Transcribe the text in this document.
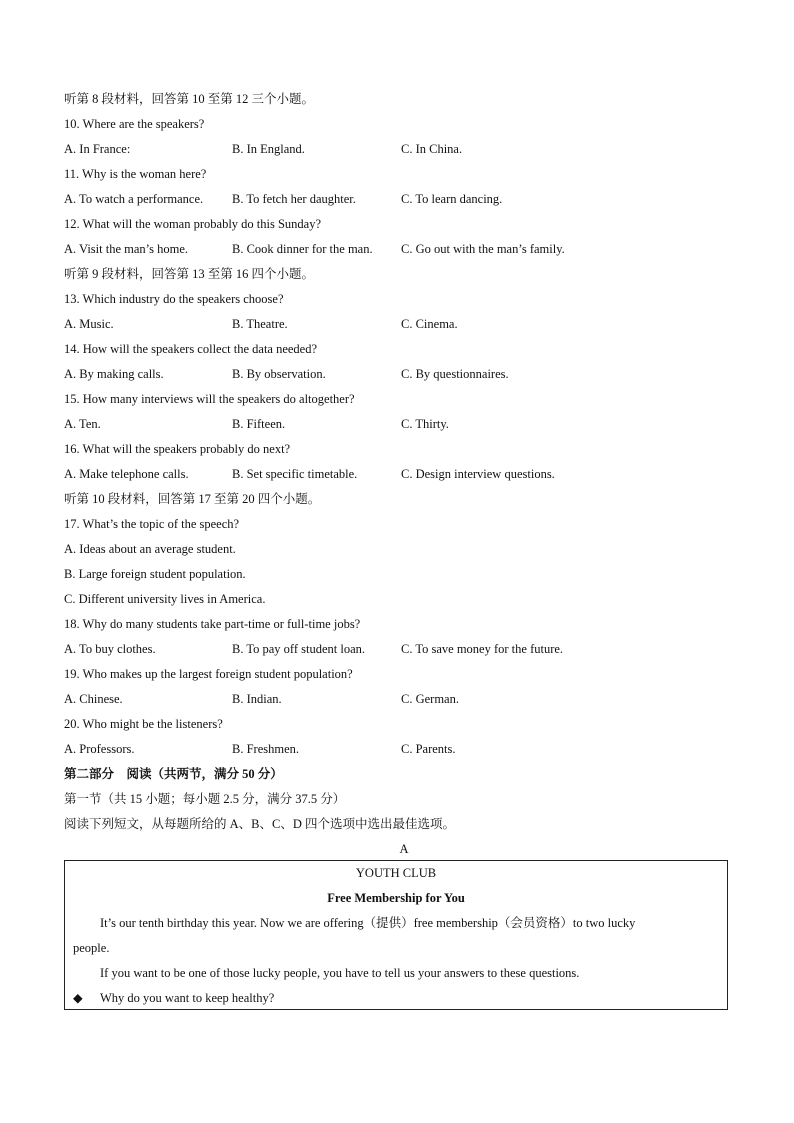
听第 8 段材料，回答第 10 至第 12 三个小题。
10. Where are the speakers?
A. In France:	B. In England.	C. In China.
11. Why is the woman here?
A. To watch a performance.	B. To fetch her daughter.	C. To learn dancing.
12. What will the woman probably do this Sunday?
A. Visit the man’s home.	B. Cook dinner for the man.	C. Go out with the man’s family.
听第 9 段材料，回答第 13 至第 16 四个小题。
13. Which industry do the speakers choose?
A. Music.	B. Theatre.	C. Cinema.
14. How will the speakers collect the data needed?
A. By making calls.	B. By observation.	C. By questionnaires.
15. How many interviews will the speakers do altogether?
A. Ten.	B. Fifteen.	C. Thirty.
16. What will the speakers probably do next?
A. Make telephone calls.	B. Set specific timetable.	C. Design interview questions.
听第 10 段材料，回答第 17 至第 20 四个小题。
17. What’s the topic of the speech?
A. Ideas about an average student.
B. Large foreign student population.
C. Different university lives in America.
18. Why do many students take part-time or full-time jobs?
A. To buy clothes.	B. To pay off student loan.	C. To save money for the future.
19. Who makes up the largest foreign student population?
A. Chinese.	B. Indian.	C. German.
20. Who might be the listeners?
A. Professors.	B. Freshmen.	C. Parents.
第二部分　阅读（共两节，满分 50 分）
第一节（共 15 小题；每小题 2.5 分，满分 37.5 分）
阅读下列短文，从每题所给的 A、B、C、D 四个选项中选出最佳选项。
A
YOUTH CLUB
Free Membership for You
It’s our tenth birthday this year. Now we are offering（提供）free membership（会员资格）to two lucky
people.
If you want to be one of those lucky people, you have to tell us your answers to these questions.
◆ Why do you want to keep healthy?
